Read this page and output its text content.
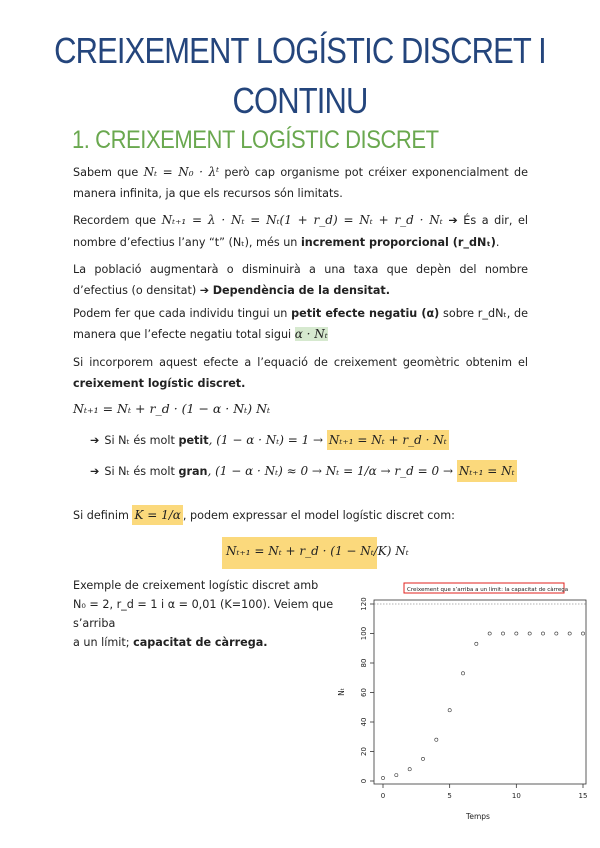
CREIXEMENT LOGÍSTIC DISCRET I
CONTINU
1. CREIXEMENT LOGÍSTIC DISCRET
Sabem que Nₜ = N₀ · λᵗ però cap organisme pot créixer exponencialment de manera infinita, ja que els recursos són limitats.
Recordem que Nₜ₊₁ = λ · Nₜ = Nₜ(1 + r_d) = Nₜ + r_d · Nₜ ➔ És a dir, el nombre d’efectius l’any “t” (Nₜ), més un increment proporcional (r_dNₜ).
La població augmentarà o disminuirà a una taxa que depèn del nombre d’efectius (o densitat) ➔ Dependència de la densitat.
Podem fer que cada individu tingui un petit efecte negatiu (α) sobre r_dNₜ, de manera que l’efecte negatiu total sigui α · Nₜ
Si incorporem aquest efecte a l’equació de creixement geomètric obtenim el creixement logístic discret.
Nₜ₊₁ = Nₜ + r_d · (1 − α · Nₜ) Nₜ
➔ Si Nₜ és molt petit, (1 − α · Nₜ) = 1 → Nₜ₊₁ = Nₜ + r_d · Nₜ
➔ Si Nₜ és molt gran, (1 − α · Nₜ) ≈ 0 → Nₜ = 1/α → r_d = 0 → Nₜ₊₁ = Nₜ
Si definim K = 1/α , podem expressar el model logístic discret com:
Nₜ₊₁ = Nₜ + r_d · (1 − Nₜ/K) Nₜ
Exemple de creixement logístic discret amb
N₀ = 2, r_d = 1 i α = 0,01 (K=100). Veiem que s’arriba
a un límit; capacitat de càrrega.
Creixement que s’arriba a un límit: la capacitat de càrrega
0	5	10	15
0
20
40
60
80
100
120
Temps
Nₜ
